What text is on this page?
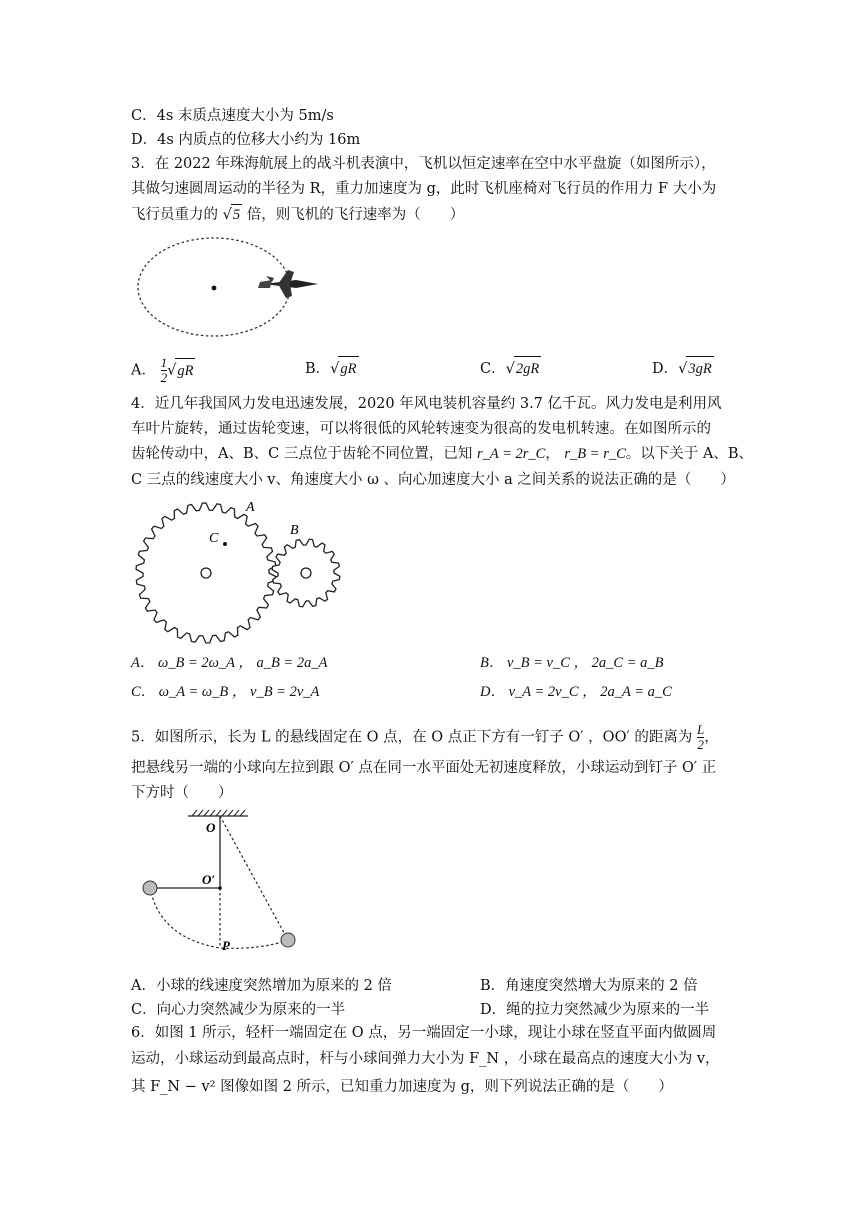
C．4s 末质点速度大小为 5m/s
D．4s 内质点的位移大小约为 16m
3．在 2022 年珠海航展上的战斗机表演中，飞机以恒定速率在空中水平盘旋（如图所示），
其做匀速圆周运动的半径为 R，重力加速度为 g，此时飞机座椅对飞行员的作用力 F 大小为
飞行员重力的 √5 倍，则飞机的飞行速率为（　　）
A． $\frac{1}{2} √gR$	B．√gR	C．√2gR	D．√3gR
4．近几年我国风力发电迅速发展，2020 年风电装机容量约 3.7 亿千瓦。风力发电是利用风
车叶片旋转，通过齿轮变速，可以将很低的风轮转速变为很高的发电机转速。在如图所示的
齿轮传动中，A、B、C 三点位于齿轮不同位置，已知 r_A = 2r_C， r_B = r_C。以下关于 A、B、
C 三点的线速度大小 v、角速度大小 ω 、向心加速度大小 a 之间关系的说法正确的是（　　）
A
B
C
A． ω_B = 2ω_A ， a_B = 2a_A	B． v_B = v_C ， 2a_C = a_B
C． ω_A = ω_B ， v_B = 2v_A	D． v_A = 2v_C ， 2a_A = a_C
5．如图所示，长为 L 的悬线固定在 O 点，在 O 点正下方有一钉子 O′ ，OO′ 的距离为 $\frac{L}{2}$ ，
把悬线另一端的小球向左拉到跟 O′ 点在同一水平面处无初速度释放，小球运动到钉子 O′ 正
下方时（　　）
O
O′
P
A．小球的线速度突然增加为原来的 2 倍	B．角速度突然增大为原来的 2 倍
C．向心力突然减少为原来的一半	D．绳的拉力突然减少为原来的一半
6．如图 1 所示，轻杆一端固定在 O 点，另一端固定一小球，现让小球在竖直平面内做圆周
运动，小球运动到最高点时，杆与小球间弹力大小为 F_N ，小球在最高点的速度大小为 v，
其 F_N − v² 图像如图 2 所示，已知重力加速度为 g，则下列说法正确的是（　　）
